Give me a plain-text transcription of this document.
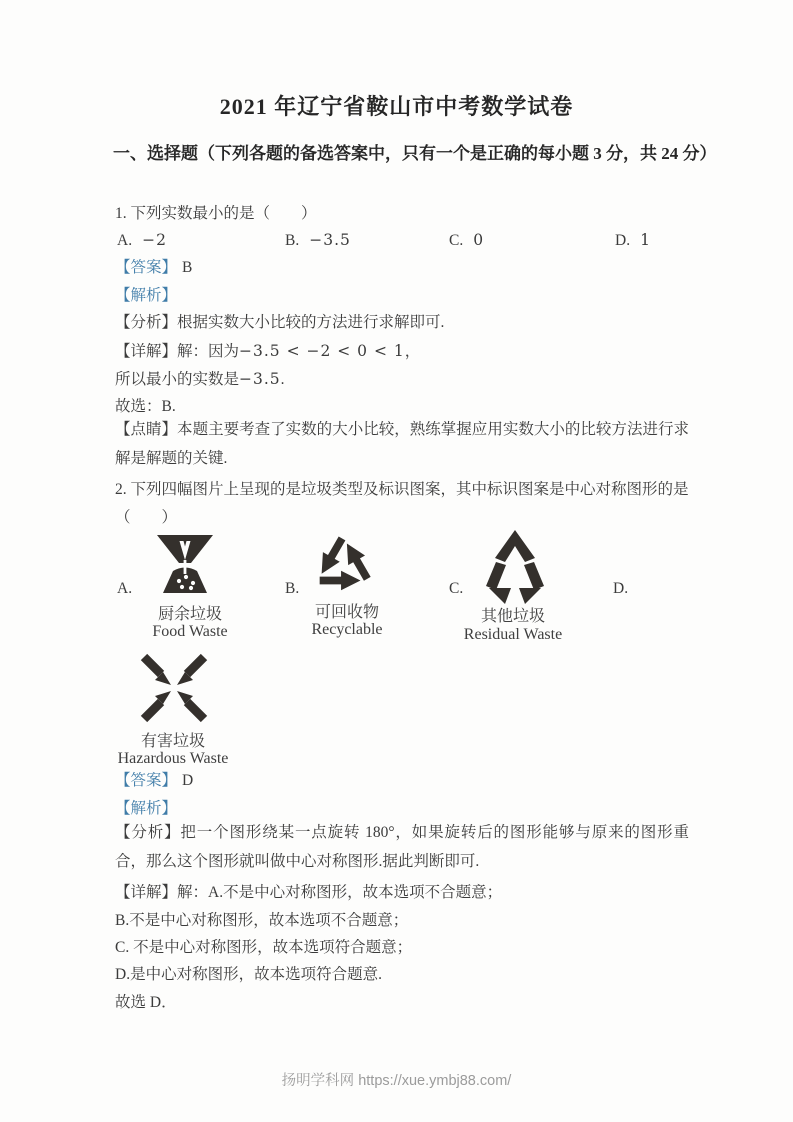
2021 年辽宁省鞍山市中考数学试卷
一、选择题（下列各题的备选答案中，只有一个是正确的每小题 3 分，共 24 分）
1. 下列实数最小的是（　　）
A. −2	B. −3.5	C. 0	D. 1
【答案】 B
【解析】
【分析】根据实数大小比较的方法进行求解即可.
【详解】解：因为−3.5 < −2 < 0 < 1，
所以最小的实数是−3.5.
故选：B.
【点睛】本题主要考查了实数的大小比较，熟练掌握应用实数大小的比较方法进行求解是解题的关键.
2. 下列四幅图片上呈现的是垃圾类型及标识图案，其中标识图案是中心对称图形的是
（　　）
A.
厨余垃圾
Food Waste
B.
可回收物
Recyclable
C.
其他垃圾
Residual Waste
D.
有害垃圾
Hazardous Waste
【答案】 D
【解析】
【分析】把一个图形绕某一点旋转 180°，如果旋转后的图形能够与原来的图形重合，那么这个图形就叫做中心对称图形.据此判断即可.
【详解】解：A.不是中心对称图形，故本选项不合题意；
B.不是中心对称图形，故本选项不合题意；
C. 不是中心对称图形，故本选项符合题意；
D.是中心对称图形，故本选项符合题意.
故选 D．
扬明学科网 https://xue.ymbj88.com/
